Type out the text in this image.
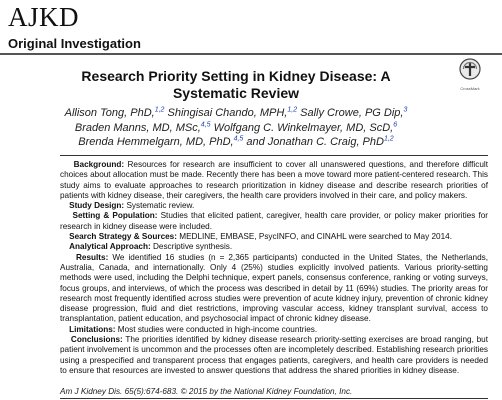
AJKD
Original Investigation
Research Priority Setting in Kidney Disease: A Systematic Review	CrossMark
Allison Tong, PhD,$^{1,2}$ Shingisai Chando, MPH,$^{1,2}$ Sally Crowe, PG Dip,$^3$
Braden Manns, MD, MSc,$^{4,5}$ Wolfgang C. Winkelmayer, MD, ScD,$^6$
Brenda Hemmelgarn, MD, PhD,$^{4,5}$ and Jonathan C. Craig, PhD$^{1,2}$

Background: Resources for research are insufficient to cover all unanswered questions, and therefore difficult choices about allocation must be made. Recently there has been a move toward more patient-centered research. This study aims to evaluate approaches to research prioritization in kidney disease and describe research priorities of patients with kidney disease, their caregivers, the health care providers involved in their care, and policy makers.

Study Design: Systematic review.

Setting & Population: Studies that elicited patient, caregiver, health care provider, or policy maker priorities for research in kidney disease were included.

Search Strategy & Sources: MEDLINE, EMBASE, PsycINFO, and CINAHL were searched to May 2014.

Analytical Approach: Descriptive synthesis.

Results: We identified 16 studies (n = 2,365 participants) conducted in the United States, the Netherlands, Australia, Canada, and internationally. Only 4 (25%) studies explicitly involved patients. Various priority-setting methods were used, including the Delphi technique, expert panels, consensus conference, ranking or voting surveys, focus groups, and interviews, of which the process was described in detail by 11 (69%) studies. The priority areas for research most frequently identified across studies were prevention of acute kidney injury, prevention of chronic kidney disease progression, fluid and diet restrictions, improving vascular access, kidney transplant survival, access to transplantation, patient education, and psychosocial impact of chronic kidney disease.

Limitations: Most studies were conducted in high-income countries.

Conclusions: The priorities identified by kidney disease research priority-setting exercises are broad ranging, but patient involvement is uncommon and the processes often are incompletely described. Establishing research priorities using a prespecified and transparent process that engages patients, caregivers, and health care providers is needed to ensure that resources are invested to answer questions that address the shared priorities in kidney disease.

Am J Kidney Dis. 65(5):674-683. © 2015 by the National Kidney Foundation, Inc.
